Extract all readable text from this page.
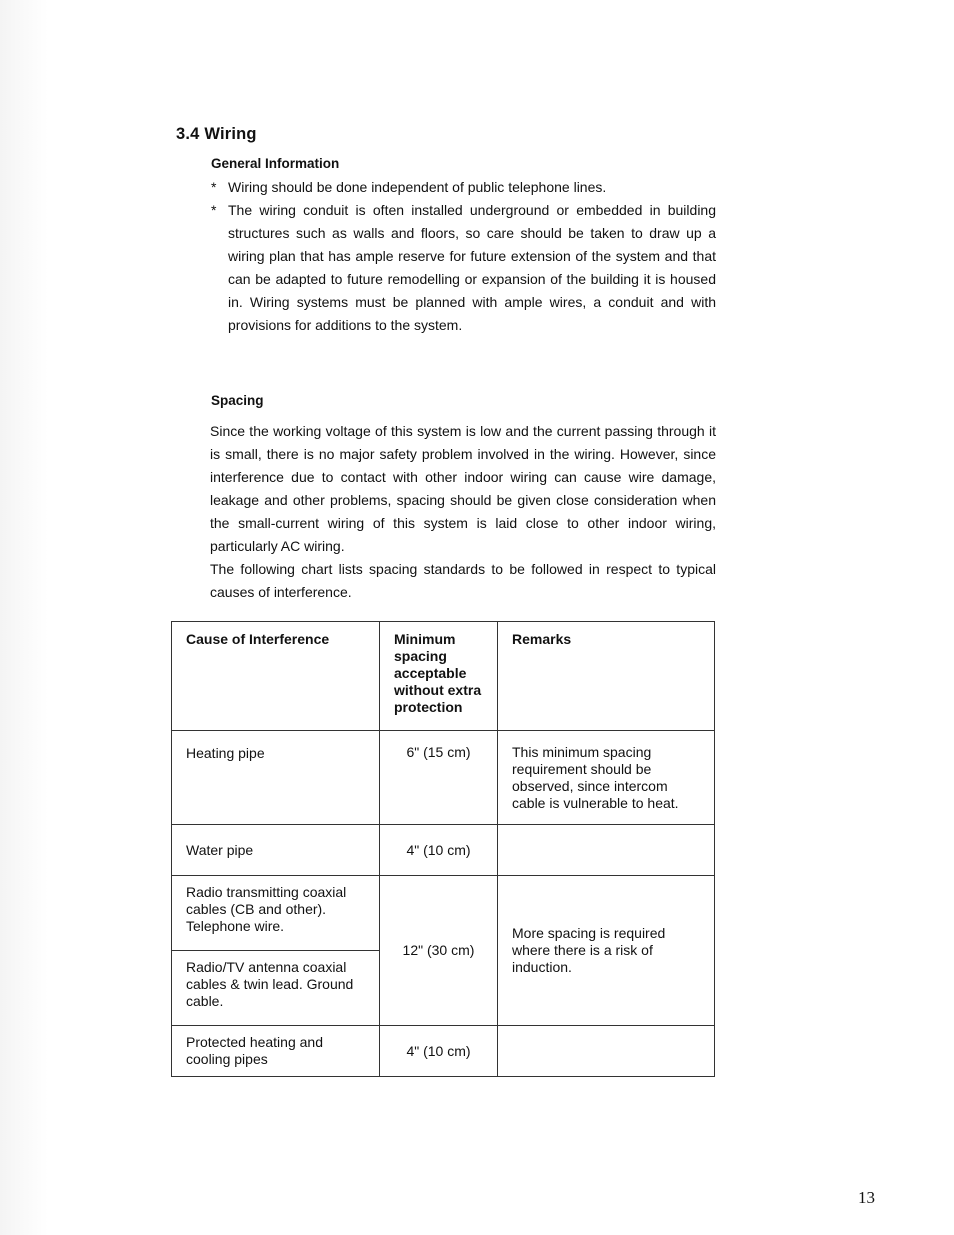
3.4 Wiring
General Information
* Wiring should be done independent of public telephone lines.
* The wiring conduit is often installed underground or embedded in building structures such as walls and floors, so care should be taken to draw up a wiring plan that has ample reserve for future extension of the system and that can be adapted to future remodelling or expansion of the building it is housed in. Wiring systems must be planned with ample wires, a conduit and with provisions for additions to the system.
Spacing

Since the working voltage of this system is low and the current passing through it is small, there is no major safety problem involved in the wiring. However, since interference due to contact with other indoor wiring can cause wire damage, leakage and other problems, spacing should be given close consideration when the small-current wiring of this system is laid close to other indoor wiring, particularly AC wiring.

The following chart lists spacing standards to be followed in respect to typical causes of interference.

Cause of Interference	Minimum spacing acceptable without extra protection	Remarks
Heating pipe	6" (15 cm)	This minimum spacing requirement should be observed, since intercom cable is vulnerable to heat.
Water pipe	4" (10 cm)	
Radio transmitting coaxial cables (CB and other). Telephone wire.	12" (30 cm)	More spacing is required where there is a risk of induction.
Radio/TV antenna coaxial cables & twin lead. Ground cable.		
Protected heating and cooling pipes	4" (10 cm)	
13
